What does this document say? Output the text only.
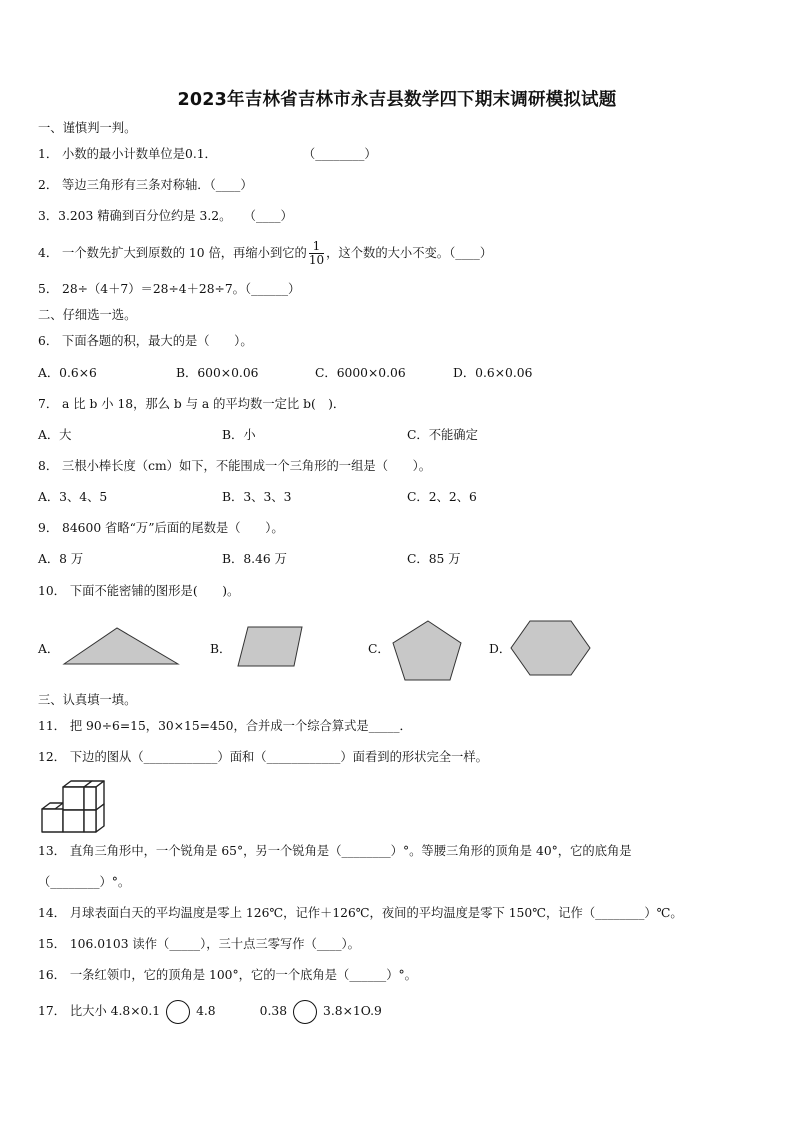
2023年吉林省吉林市永吉县数学四下期末调研模拟试题
一、谨慎判一判。
1． 小数的最小计数单位是0.1．　　　　　　　　（________）
2． 等边三角形有三条对称轴．（____）
3．3.203 精确到百分位约是 3.2。　　（____）
4． 一个数先扩大到原数的 10 倍，再缩小到它的 $\frac{1}{10}$ ，这个数的大小不变。（____）
5． 28÷（4＋7）＝28÷4＋28÷7。（______）
二、仔细选一选。
6． 下面各题的积，最大的是（　　）。
A．0.6×6	B．600×0.06	C．6000×0.06	D．0.6×0.06
7． a 比 b 小 18，那么 b 与 a 的平均数一定比 b(　)．
A．大	B．小	C．不能确定
8． 三根小棒长度（cm）如下，不能围成一个三角形的一组是（　　）。
A．3、4、5	B．3、3、3	C．2、2、6
9． 84600 省略“万”后面的尾数是（　　）。
A．8 万	B．8.46 万	C．85 万
10． 下面不能密铺的图形是(　　)。
A．	B．	C．	D．
三、认真填一填。
11． 把 90÷6=15，30×15=450，合并成一个综合算式是_____．
12． 下边的图从（____________）面和（____________）面看到的形状完全一样。
13． 直角三角形中，一个锐角是 65°，另一个锐角是（________）°。等腰三角形的顶角是 40°，它的底角是
（________）°。
14． 月球表面白天的平均温度是零上 126℃，记作＋126℃，夜间的平均温度是零下 150℃，记作（________）℃。
15． 106.0103 读作（_____），三十点三零写作（____）。
16． 一条红领巾，它的顶角是 100°，它的一个底角是（______）°。
17． 比大小 4.8×0.1	4.8	0.38	3.8×1O.9
